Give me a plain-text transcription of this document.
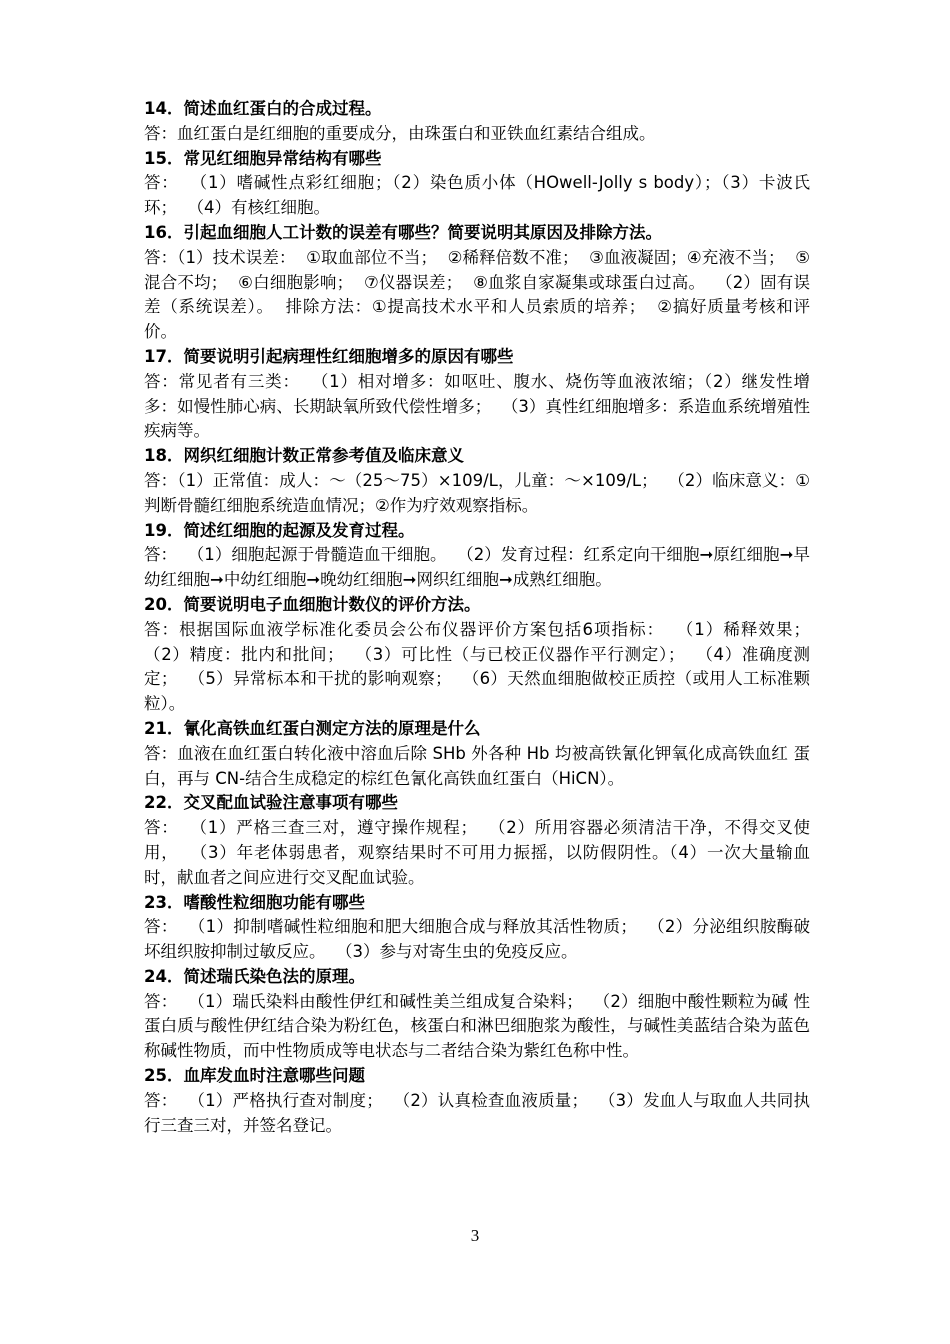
14．简述血红蛋白的合成过程。
答：血红蛋白是红细胞的重要成分，由珠蛋白和亚铁血红素结合组成。
15．常见红细胞异常结构有哪些
答：  （1）嗜碱性点彩红细胞；（2）染色质小体（HOwell-Jolly s body）；（3）卡波氏环；  （4）有核红细胞。
16．引起血细胞人工计数的误差有哪些？简要说明其原因及排除方法。
答：（1）技术误差：  ①取血部位不当；  ②稀释倍数不准；  ③血液凝固；④充液不当；  ⑤混合不均；  ⑥白细胞影响；  ⑦仪器误差；  ⑧血浆自家凝集或球蛋白过高。  （2）固有误差（系统误差）。  排除方法：①提高技术水平和人员索质的培养；  ②搞好质量考核和评价。
17．简要说明引起病理性红细胞增多的原因有哪些
答：常见者有三类：  （1）相对增多：如呕吐、腹水、烧伤等血液浓缩；（2）继发性增多：如慢性肺心病、长期缺氧所致代偿性增多；  （3）真性红细胞增多：系造血系统增殖性疾病等。
18．网织红细胞计数正常参考值及临床意义
答：（1）正常值：成人：～（25～75）×109/L，儿童：～×109/L；  （2）临床意义：①判断骨髓红细胞系统造血情况；②作为疗效观察指标。
19．简述红细胞的起源及发育过程。
答：  （1）细胞起源于骨髓造血干细胞。  （2）发育过程：红系定向干细胞➞原红细胞➞早幼红细胞➞中幼红细胞➞晚幼红细胞➞网织红细胞➞成熟红细胞。
20．简要说明电子血细胞计数仪的评价方法。
答：根据国际血液学标准化委员会公布仪器评价方案包括6项指标：  （1）稀释效果；  （2）精度：批内和批间；  （3）可比性（与已校正仪器作平行测定）；  （4）准确度测定；  （5）异常标本和干扰的影响观察；  （6）天然血细胞做校正质控（或用人工标准颗粒）。
21．氰化高铁血红蛋白测定方法的原理是什么
答：血液在血红蛋白转化液中溶血后除 SHb 外各种 Hb 均被高铁氰化钾氧化成高铁血红 蛋白，再与 CN-结合生成稳定的棕红色氰化高铁血红蛋白（HiCN）。
22．交叉配血试验注意事项有哪些
答：  （1）严格三查三对，遵守操作规程；  （2）所用容器必须清洁干净，不得交叉使用，  （3）年老体弱患者，观察结果时不可用力振摇，以防假阴性。（4）一次大量输血时，献血者之间应进行交叉配血试验。
23．嗜酸性粒细胞功能有哪些
答：  （1）抑制嗜碱性粒细胞和肥大细胞合成与释放其活性物质；  （2）分泌组织胺酶破坏组织胺抑制过敏反应。  （3）参与对寄生虫的免疫反应。
24．简述瑞氏染色法的原理。
答：  （1）瑞氏染料由酸性伊红和碱性美兰组成复合染料；  （2）细胞中酸性颗粒为碱 性蛋白质与酸性伊红结合染为粉红色，核蛋白和淋巴细胞浆为酸性，与碱性美蓝结合染为蓝色称碱性物质，而中性物质成等电状态与二者结合染为紫红色称中性。
25．血库发血时注意哪些问题
答：  （1）严格执行查对制度；  （2）认真检查血液质量；  （3）发血人与取血人共同执行三查三对，并签名登记。
3
